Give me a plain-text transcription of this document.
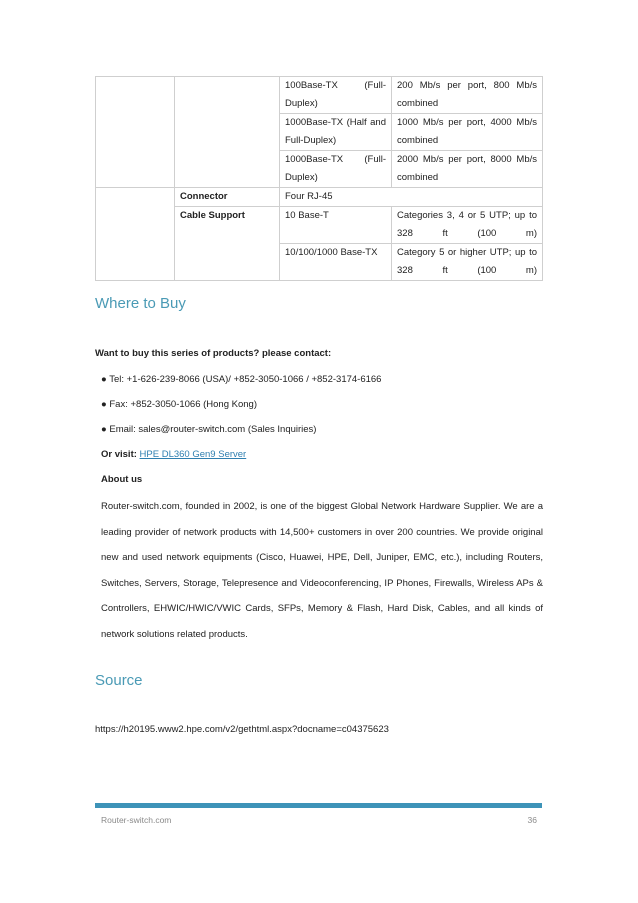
		100Base-TX (Full-Duplex)	200 Mb/s per port, 800 Mb/s combined
		1000Base-TX (Half and Full-Duplex)	1000 Mb/s per port, 4000 Mb/s combined
		1000Base-TX (Full-Duplex)	2000 Mb/s per port, 8000 Mb/s combined
	Connector	Four RJ-45	
	Cable Support	10 Base-T	Categories 3, 4 or 5 UTP; up to 328 ft (100 m)
		10/100/1000 Base-TX	Category 5 or higher UTP; up to 328 ft (100 m)
Where to Buy
Want to buy this series of products? please contact:
● Tel: +1-626-239-8066 (USA)/ +852-3050-1066 / +852-3174-6166
● Fax: +852-3050-1066 (Hong Kong)
● Email: sales@router-switch.com (Sales Inquiries)
Or visit: HPE DL360 Gen9 Server
About us
Router-switch.com, founded in 2002, is one of the biggest Global Network Hardware Supplier. We are a leading provider of network products with 14,500+ customers in over 200 countries. We provide original new and used network equipments (Cisco, Huawei, HPE, Dell, Juniper, EMC, etc.), including Routers, Switches, Servers, Storage, Telepresence and Videoconferencing, IP Phones, Firewalls, Wireless APs & Controllers, EHWIC/HWIC/VWIC Cards, SFPs, Memory & Flash, Hard Disk, Cables, and all kinds of network solutions related products.
Source
https://h20195.www2.hpe.com/v2/gethtml.aspx?docname=c04375623
Router-switch.com	36
